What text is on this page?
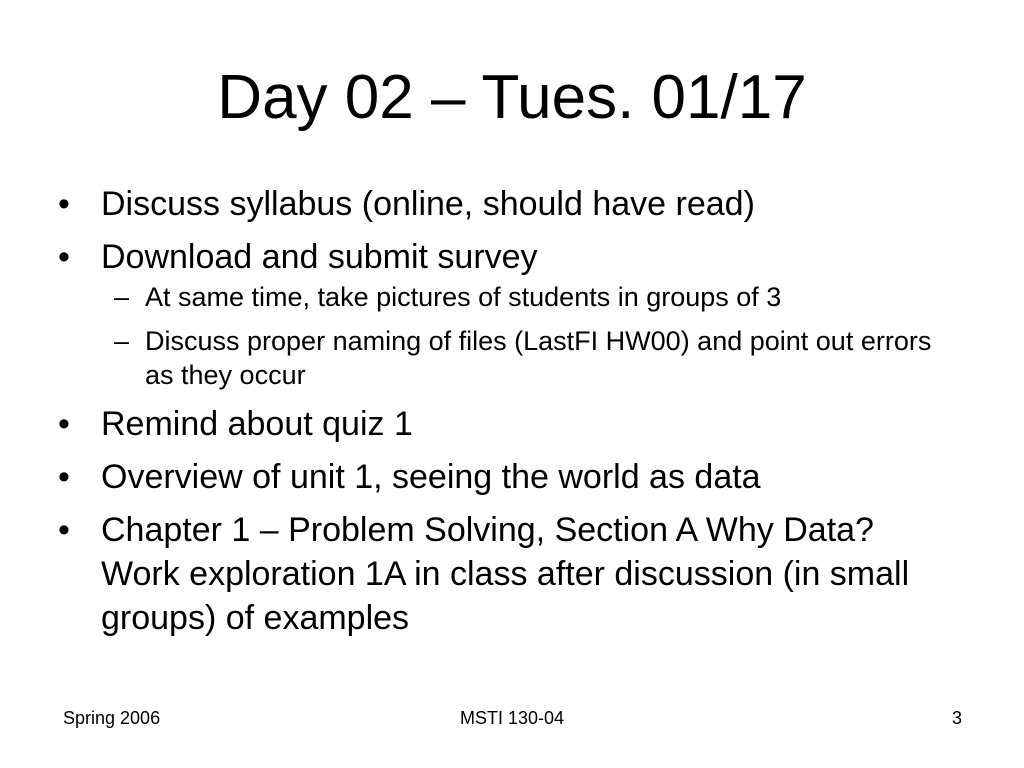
Day 02 – Tues. 01/17
• Discuss syllabus (online, should have read)
• Download and submit survey
– At same time, take pictures of students in groups of 3
– Discuss proper naming of files (LastFI HW00) and point out errors as they occur
• Remind about quiz 1
• Overview of unit 1, seeing the world as data
• Chapter 1 – Problem Solving, Section A Why Data? Work exploration 1A in class after discussion (in small groups) of examples
Spring 2006	MSTI 130-04	3
